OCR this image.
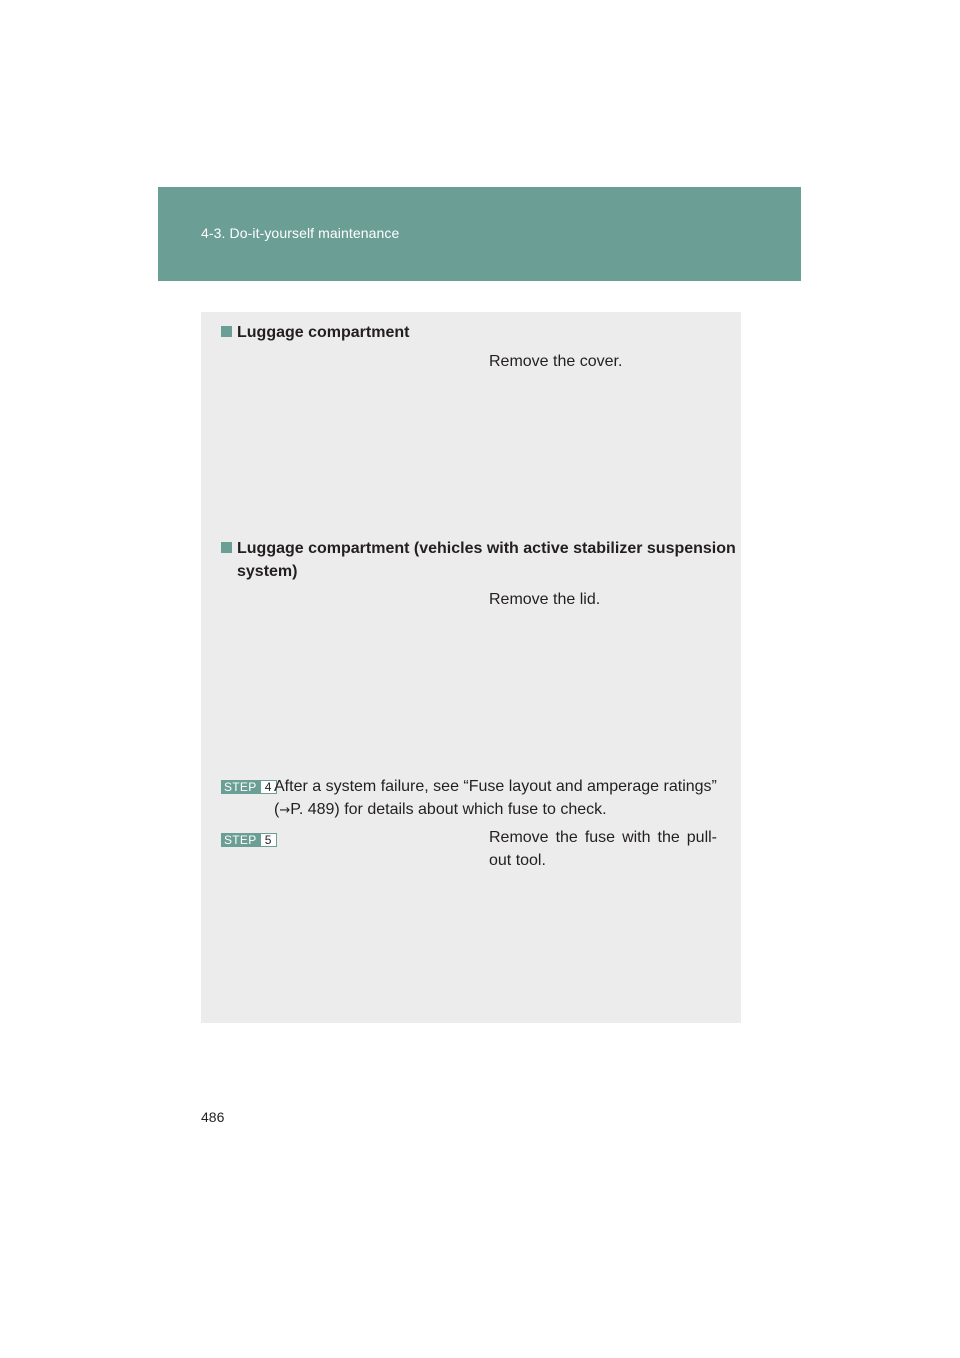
4-3. Do-it-yourself maintenance
Luggage compartment
Remove the cover.
Luggage compartment (vehicles with active stabilizer suspension system)
Remove the lid.
STEP 4 After a system failure, see “Fuse layout and amperage ratings” (→P. 489) for details about which fuse to check.
STEP 5	Remove the fuse with the pull-out tool.
486
